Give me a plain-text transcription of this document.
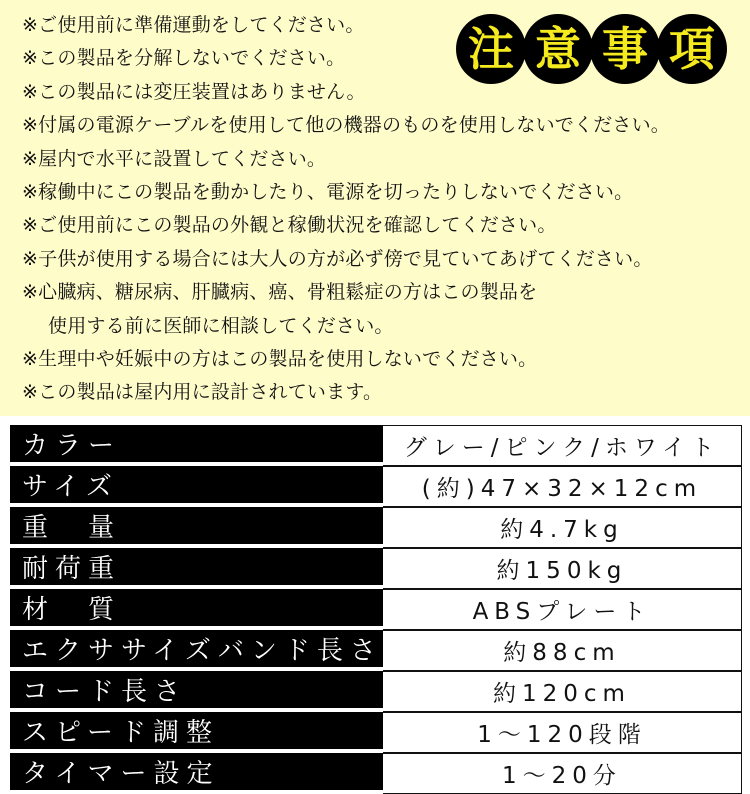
※ご使用前に準備運動をしてください。
※この製品を分解しないでください。
※この製品には変圧装置はありません。
※付属の電源ケーブルを使用して他の機器のものを使用しないでください。
※屋内で水平に設置してください。
※稼働中にこの製品を動かしたり、電源を切ったりしないでください。
※ご使用前にこの製品の外観と稼働状況を確認してください。
※子供が使用する場合には大人の方が必ず傍で見ていてあげてください。
※心臓病、糖尿病、肝臓病、癌、骨粗鬆症の方はこの製品を
使用する前に医師に相談してください。
※生理中や妊娠中の方はこの製品を使用しないでください。
※この製品は屋内用に設計されています。
注 意 事 項
カラー	グレー/ピンク/ホワイト
サイズ	(約)47×32×12cm
重　量	約4.7kg
耐荷重	約150kg
材　質	ABSプレート
エクササイズバンド長さ	約88cm
コード長さ	約120cm
スピード調整	1～120段階
タイマー設定	1～20分
